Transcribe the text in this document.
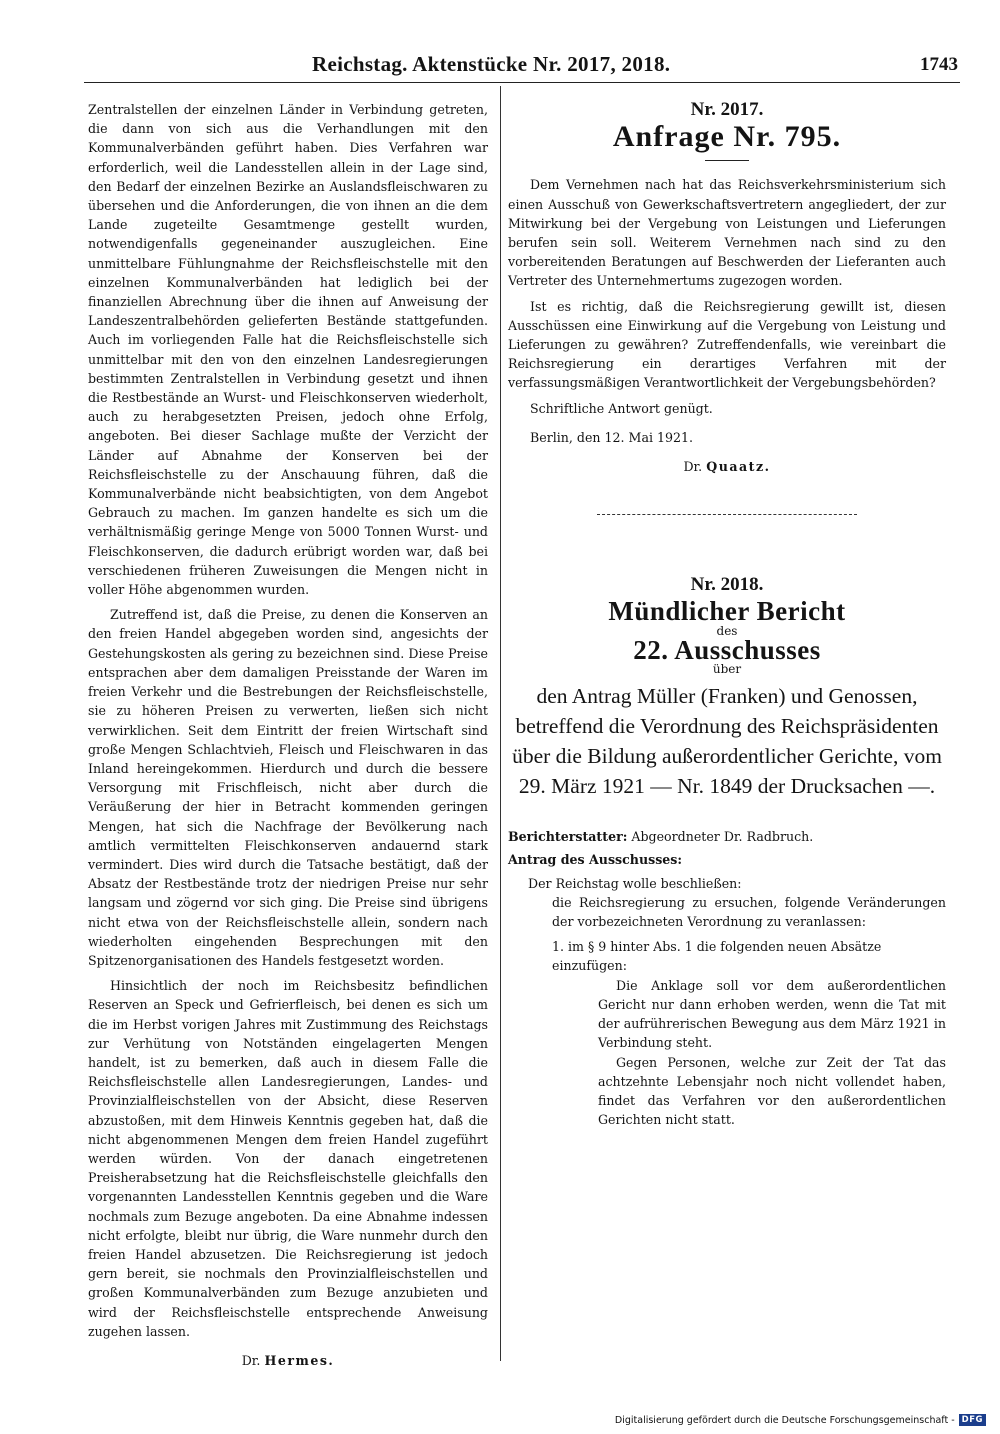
Reichstag. Aktenstücke Nr. 2017, 2018.	1743

Zentralstellen der einzelnen Länder in Verbindung getreten, die dann von sich aus die Verhandlungen mit den Kommunalverbänden geführt haben. Dies Verfahren war erforderlich, weil die Landesstellen allein in der Lage sind, den Bedarf der einzelnen Bezirke an Auslandsfleischwaren zu übersehen und die Anforderungen, die von ihnen an die dem Lande zugeteilte Gesamtmenge gestellt wurden, notwendigenfalls gegeneinander auszugleichen. Eine unmittelbare Fühlungnahme der Reichsfleischstelle mit den einzelnen Kommunalverbänden hat lediglich bei der finanziellen Abrechnung über die ihnen auf Anweisung der Landeszentralbehörden gelieferten Bestände stattgefunden. Auch im vorliegenden Falle hat die Reichsfleischstelle sich unmittelbar mit den von den einzelnen Landesregierungen bestimmten Zentralstellen in Verbindung gesetzt und ihnen die Restbestände an Wurst- und Fleischkonserven wiederholt, auch zu herabgesetzten Preisen, jedoch ohne Erfolg, angeboten. Bei dieser Sachlage mußte der Verzicht der Länder auf Abnahme der Konserven bei der Reichsfleischstelle zu der Anschauung führen, daß die Kommunalverbände nicht beabsichtigten, von dem Angebot Gebrauch zu machen. Im ganzen handelte es sich um die verhältnismäßig geringe Menge von 5000 Tonnen Wurst- und Fleischkonserven, die dadurch erübrigt worden war, daß bei verschiedenen früheren Zuweisungen die Mengen nicht in voller Höhe abgenommen wurden.

Zutreffend ist, daß die Preise, zu denen die Konserven an den freien Handel abgegeben worden sind, angesichts der Gestehungskosten als gering zu bezeichnen sind. Diese Preise entsprachen aber dem damaligen Preisstande der Waren im freien Verkehr und die Bestrebungen der Reichsfleischstelle, sie zu höheren Preisen zu verwerten, ließen sich nicht verwirklichen. Seit dem Eintritt der freien Wirtschaft sind große Mengen Schlachtvieh, Fleisch und Fleischwaren in das Inland hereingekommen. Hierdurch und durch die bessere Versorgung mit Frischfleisch, nicht aber durch die Veräußerung der hier in Betracht kommenden geringen Mengen, hat sich die Nachfrage der Bevölkerung nach amtlich vermittelten Fleischkonserven andauernd stark vermindert. Dies wird durch die Tatsache bestätigt, daß der Absatz der Restbestände trotz der niedrigen Preise nur sehr langsam und zögernd vor sich ging. Die Preise sind übrigens nicht etwa von der Reichsfleischstelle allein, sondern nach wiederholten eingehenden Besprechungen mit den Spitzenorganisationen des Handels festgesetzt worden.

Hinsichtlich der noch im Reichsbesitz befindlichen Reserven an Speck und Gefrierfleisch, bei denen es sich um die im Herbst vorigen Jahres mit Zustimmung des Reichstags zur Verhütung von Notständen eingelagerten Mengen handelt, ist zu bemerken, daß auch in diesem Falle die Reichsfleischstelle allen Landesregierungen, Landes- und Provinzialfleischstellen von der Absicht, diese Reserven abzustoßen, mit dem Hinweis Kenntnis gegeben hat, daß die nicht abgenommenen Mengen dem freien Handel zugeführt werden würden. Von der danach eingetretenen Preisherabsetzung hat die Reichsfleischstelle gleichfalls den vorgenannten Landesstellen Kenntnis gegeben und die Ware nochmals zum Bezuge angeboten. Da eine Abnahme indessen nicht erfolgte, bleibt nur übrig, die Ware nunmehr durch den freien Handel abzusetzen. Die Reichsregierung ist jedoch gern bereit, sie nochmals den Provinzialfleischstellen und großen Kommunalverbänden zum Bezuge anzubieten und wird der Reichsfleischstelle entsprechende Anweisung zugehen lassen.

Dr. Hermes.
Nr. 2017.
Anfrage Nr. 795.

Dem Vernehmen nach hat das Reichsverkehrsministerium sich einen Ausschuß von Gewerkschaftsvertretern angegliedert, der zur Mitwirkung bei der Vergebung von Leistungen und Lieferungen berufen sein soll. Weiterem Vernehmen nach sind zu den vorbereitenden Beratungen auf Beschwerden der Lieferanten auch Vertreter des Unternehmertums zugezogen worden.

Ist es richtig, daß die Reichsregierung gewillt ist, diesen Ausschüssen eine Einwirkung auf die Vergebung von Leistung und Lieferungen zu gewähren? Zutreffendenfalls, wie vereinbart die Reichsregierung ein derartiges Verfahren mit der verfassungsmäßigen Verantwortlichkeit der Vergebungsbehörden?

Schriftliche Antwort genügt.

Berlin, den 12. Mai 1921.

Dr. Quaatz.
Nr. 2018.
Mündlicher Bericht
des
22. Ausschusses
über
den Antrag Müller (Franken) und Genossen, betreffend die Verordnung des Reichspräsidenten über die Bildung außerordentlicher Gerichte, vom 29. März 1921 — Nr. 1849 der Drucksachen —.
Berichterstatter: Abgeordneter Dr. Radbruch.
Antrag des Ausschusses:

Der Reichstag wolle beschließen:

die Reichsregierung zu ersuchen, folgende Veränderungen der vorbezeichneten Verordnung zu veranlassen:

1. im § 9 hinter Abs. 1 die folgenden neuen Absätze einzufügen:

Die Anklage soll vor dem außerordentlichen Gericht nur dann erhoben werden, wenn die Tat mit der aufrührerischen Bewegung aus dem März 1921 in Verbindung steht.

Gegen Personen, welche zur Zeit der Tat das achtzehnte Lebensjahr noch nicht vollendet haben, findet das Verfahren vor den außerordentlichen Gerichten nicht statt.

Digitalisierung gefördert durch die Deutsche Forschungsgemeinschaft - DFG
